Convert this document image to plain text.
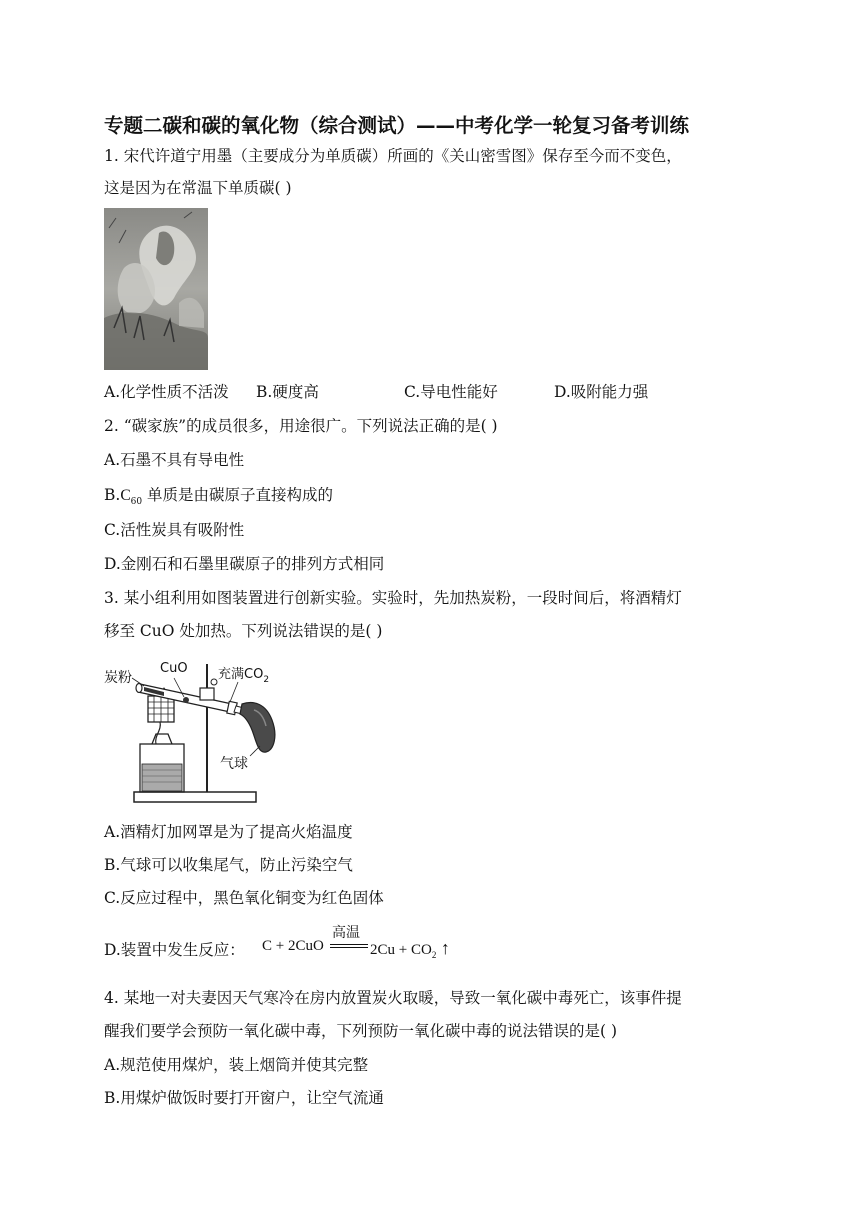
专题二碳和碳的氧化物（综合测试）——中考化学一轮复习备考训练
1. 宋代许道宁用墨（主要成分为单质碳）所画的《关山密雪图》保存至今而不变色，
这是因为在常温下单质碳( )
A.化学性质不活泼 B.硬度高	C.导电性能好	D.吸附能力强
2. “碳家族”的成员很多，用途很广。下列说法正确的是( )
A.石墨不具有导电性
$B.C_{60}$ 单质是由碳原子直接构成的
C.活性炭具有吸附性
D.金刚石和石墨里碳原子的排列方式相同
3. 某小组利用如图装置进行创新实验。实验时，先加热炭粉，一段时间后，将酒精灯
移至 CuO 处加热。下列说法错误的是( )
炭粉
CuO 充满$CO_2$
气球
A.酒精灯加网罩是为了提高火焰温度
B.气球可以收集尾气，防止污染空气
C.反应过程中，黑色氧化铜变为红色固体
D.装置中发生反应： C + 2CuO
高温
$2Cu + CO_2$ ↑
4. 某地一对夫妻因天气寒冷在房内放置炭火取暖，导致一氧化碳中毒死亡，该事件提
醒我们要学会预防一氧化碳中毒，下列预防一氧化碳中毒的说法错误的是( )
A.规范使用煤炉，装上烟筒并使其完整
B.用煤炉做饭时要打开窗户，让空气流通
